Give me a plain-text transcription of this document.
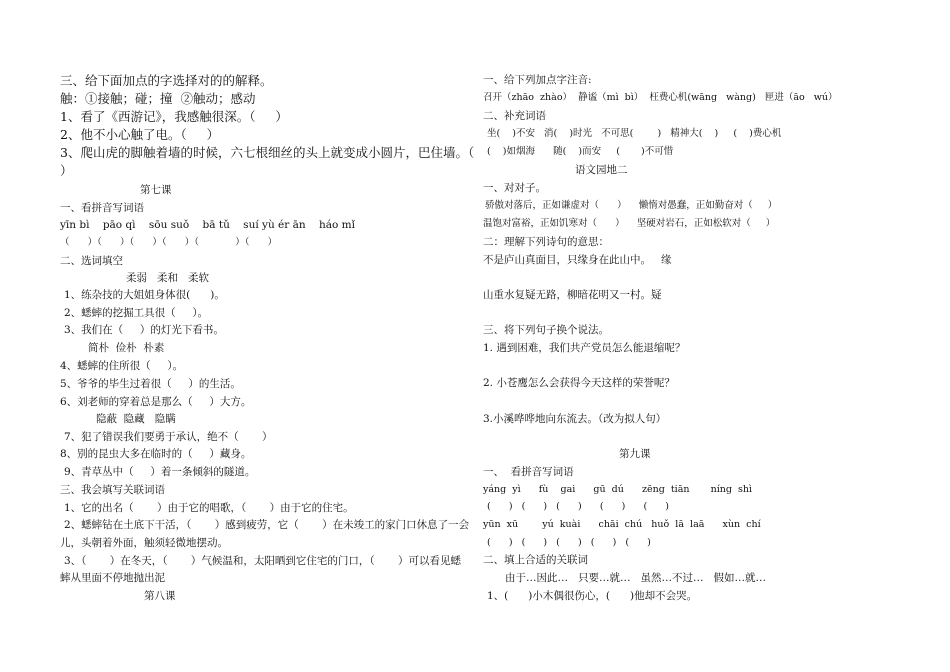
三、给下面加点的字选择对的的解释。
触：①接触；碰；撞  ②触动；感动
1、看了《西游记》，我感触很深。（     ）
2、他不小心触了电。（     ）
3、爬山虎的脚触着墙的时候，六七根细丝的头上就变成小圆片，巴住墙。（
）
第七课
一、看拼音写词语
yīn bì    pāo qì    sōu suǒ    bā tǔ    suí yù ér ān    háo mǐ
（      ）（      ）（      ）（      ）（            ）（      ）
二、选词填空
柔弱   柔和   柔软
1、练杂技的大姐姐身体很(      )。
2、蟋蟀的挖掘工具很（     ）。
3、我们在（     ）的灯光下看书。
简朴  俭朴  朴素
4、蟋蟀的住所很（     ）。
5、爷爷的毕生过着很（     ）的生活。
6、刘老师的穿着总是那么（     ）大方。
隐蔽  隐藏   隐瞒
7、犯了错误我们要勇于承认，绝不（       ）
8、别的昆虫大多在临时的（     ）藏身。
9、青草丛中（     ）着一条倾斜的隧道。
三、我会填写关联词语
1、它的出名（       ）由于它的唱歌，（       ）由于它的住宅。
2、蟋蟀钻在土底下干活，（       ）感到疲劳，它（       ）在未竣工的家门口休息了一会
儿，头朝着外面，触须轻微地摆动。
3、（       ）在冬天，（       ）气候温和，太阳晒到它住宅的门口，（       ）可以看见蟋
蟀从里面不停地抛出泥
第八课
一、给下列加点字注音:
召开（zhāo  zhào）  静谧（mì  bì）  枉费心机(wāng   wàng)   匣进（āo   wú）
二、补充词语
坐(    )不安   消(    )时光   不可思(        )   精神大(    )     (    )费心机
(    )如烟海      随(    )而安     (       )不可惜
语文园地二
一、对对子。
骄傲对落后，正如谦虚对（      ）    懒惰对愚蠢，正如勤奋对（     ）
温饱对富裕，正如饥寒对（      ）    坚硬对岩石，正如松软对（     ）
二：理解下列诗句的意思：
不是庐山真面目，只缘身在此山中。   缘
山重水复疑无路，柳暗花明又一村。疑
三、将下列句子换个说法。
1. 遇到困难，我们共产党员怎么能退缩呢？
2. 小苍鹰怎么会获得今天这样的荣誉呢？
3.小溪哗哗地向东流去。（改为拟人句）
第九课
一、  看拼音写词语
yáng  yì      fù    gai      gū  dú      zēng  tiān       níng  shì
(      )   (      )   (      )      (      )      (      )
yūn  xū        yú  kuài      chāi  chú   huǒ  lā  laā      xùn  chí
(      )   (      )   (      )   (      )   (      )
二、填上合适的关联词
由于…因此…   只要…就…   虽然…不过…   假如…就…
1、(      )小木偶很伤心，(      )他却不会哭。
